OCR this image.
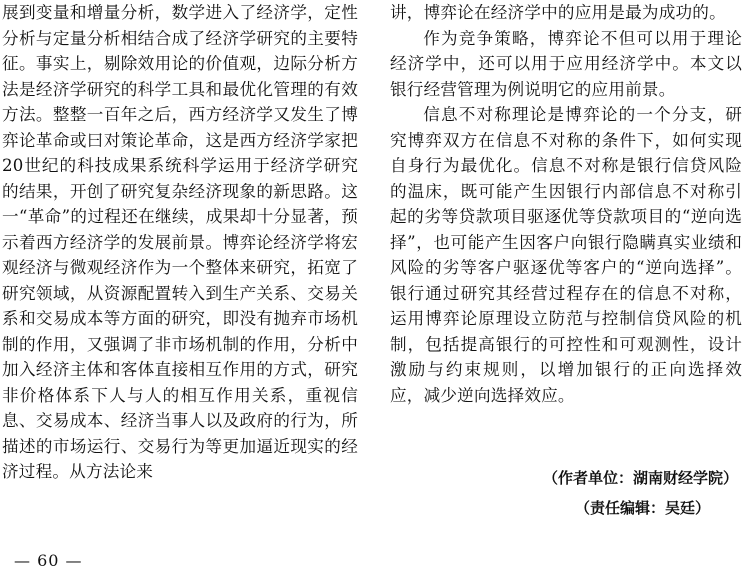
展到变量和增量分析，数学进入了经济学，定性分析与定量分析相结合成了经济学研究的主要特征。事实上，剔除效用论的价值观，边际分析方法是经济学研究的科学工具和最优化管理的有效方法。整整一百年之后，西方经济学又发生了博弈论革命或曰对策论革命，这是西方经济学家把20世纪的科技成果系统科学运用于经济学研究的结果，开创了研究复杂经济现象的新思路。这一“革命”的过程还在继续，成果却十分显著，预示着西方经济学的发展前景。博弈论经济学将宏观经济与微观经济作为一个整体来研究，拓宽了研究领域，从资源配置转入到生产关系、交易关系和交易成本等方面的研究，即没有抛弃市场机制的作用，又强调了非市场机制的作用，分析中加入经济主体和客体直接相互作用的方式，研究非价格体系下人与人的相互作用关系，重视信息、交易成本、经济当事人以及政府的行为，所描述的市场运行、交易行为等更加逼近现实的经济过程。从方法论来

讲，博弈论在经济学中的应用是最为成功的。

作为竞争策略，博弈论不但可以用于理论经济学中，还可以用于应用经济学中。本文以银行经营管理为例说明它的应用前景。

信息不对称理论是博弈论的一个分支，研究博弈双方在信息不对称的条件下，如何实现自身行为最优化。信息不对称是银行信贷风险的温床，既可能产生因银行内部信息不对称引起的劣等贷款项目驱逐优等贷款项目的“逆向选择”，也可能产生因客户向银行隐瞒真实业绩和风险的劣等客户驱逐优等客户的“逆向选择”。银行通过研究其经营过程存在的信息不对称，运用博弈论原理设立防范与控制信贷风险的机制，包括提高银行的可控性和可观测性，设计激励与约束规则，以增加银行的正向选择效应，减少逆向选择效应。

（作者单位：湖南财经学院）
（责任编辑：吴廷）
— 60 —
